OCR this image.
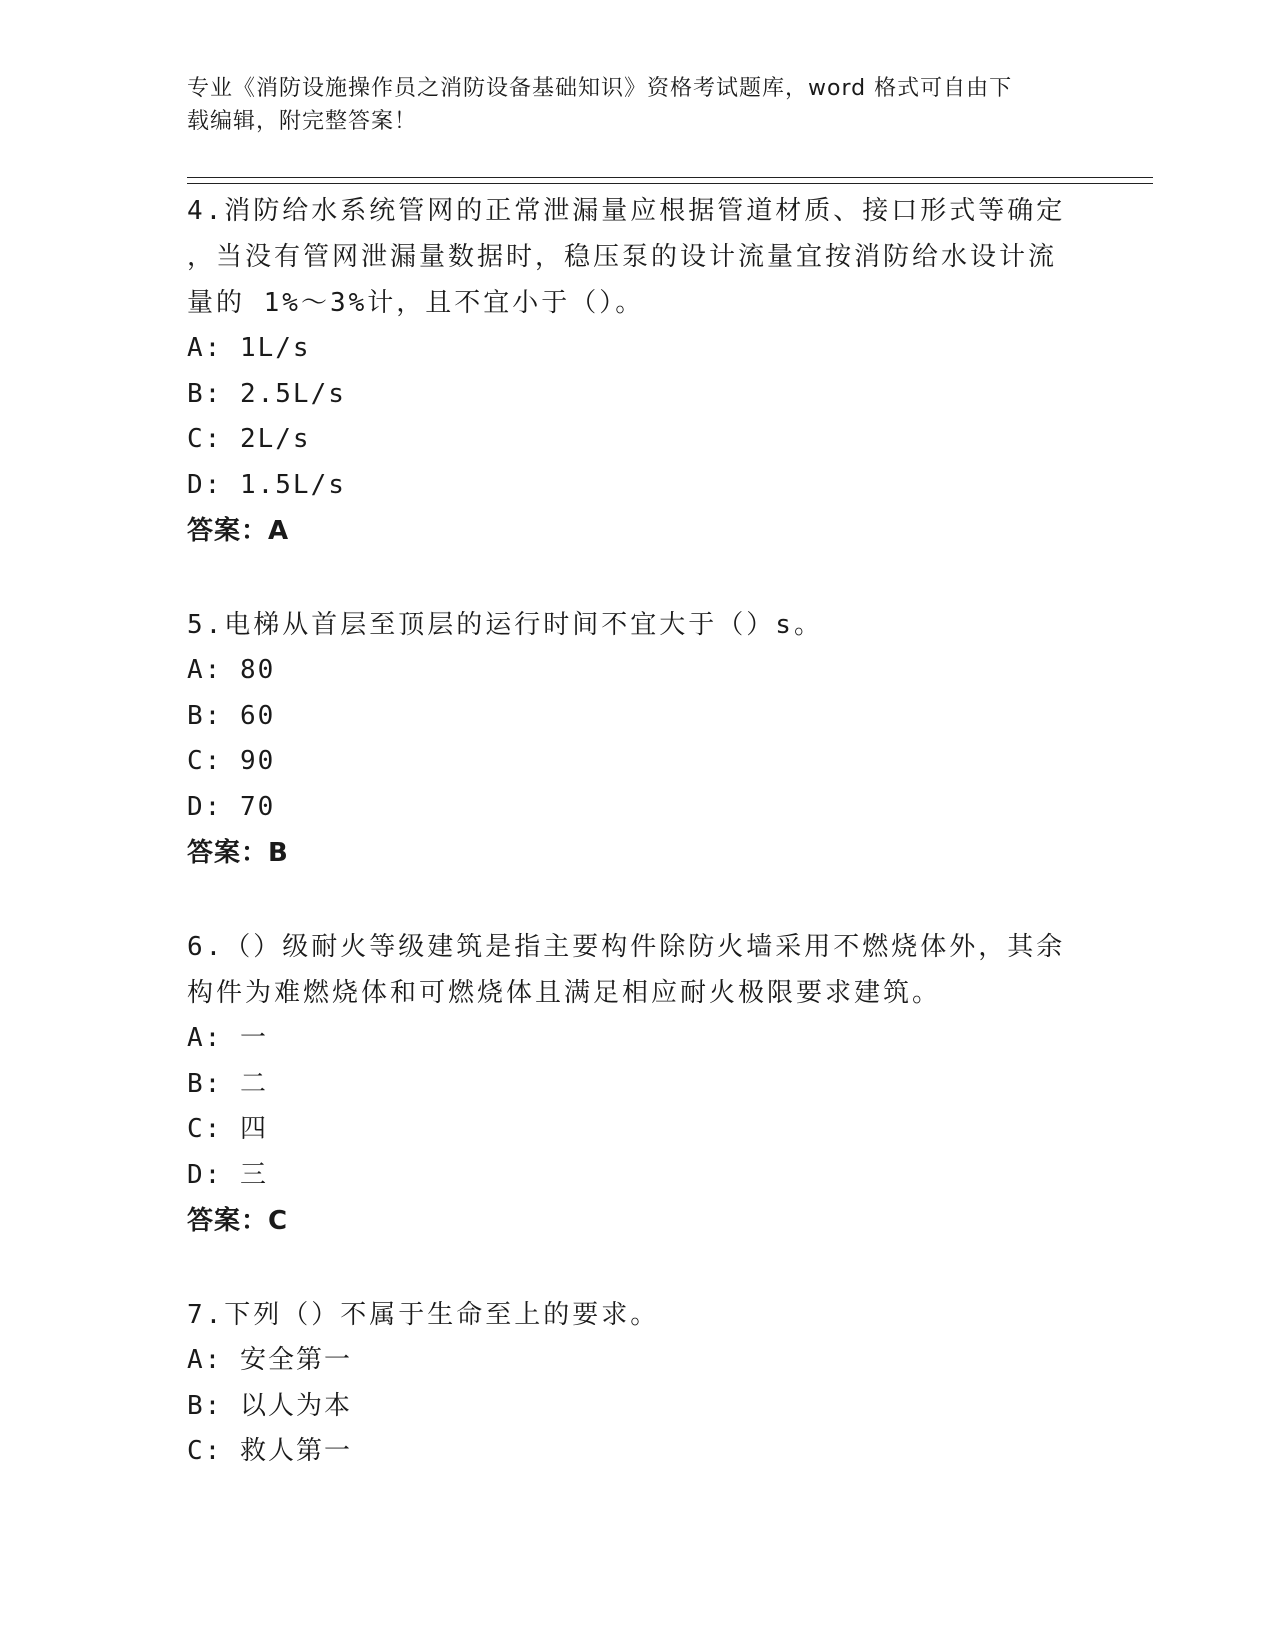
专业《消防设施操作员之消防设备基础知识》资格考试题库，word 格式可自由下
载编辑，附完整答案！
4.消防给水系统管网的正常泄漏量应根据管道材质、接口形式等确定
，当没有管网泄漏量数据时，稳压泵的设计流量宜按消防给水设计流
量的 1%～3%计，且不宜小于（）。
A: 1L/s
B: 2.5L/s
C: 2L/s
D: 1.5L/s
答案：A
5.电梯从首层至顶层的运行时间不宜大于（）s。
A: 80
B: 60
C: 90
D: 70
答案：B
6.（）级耐火等级建筑是指主要构件除防火墙采用不燃烧体外，其余
构件为难燃烧体和可燃烧体且满足相应耐火极限要求建筑。
A: 一
B: 二
C: 四
D: 三
答案：C
7.下列（）不属于生命至上的要求。
A: 安全第一
B: 以人为本
C: 救人第一
